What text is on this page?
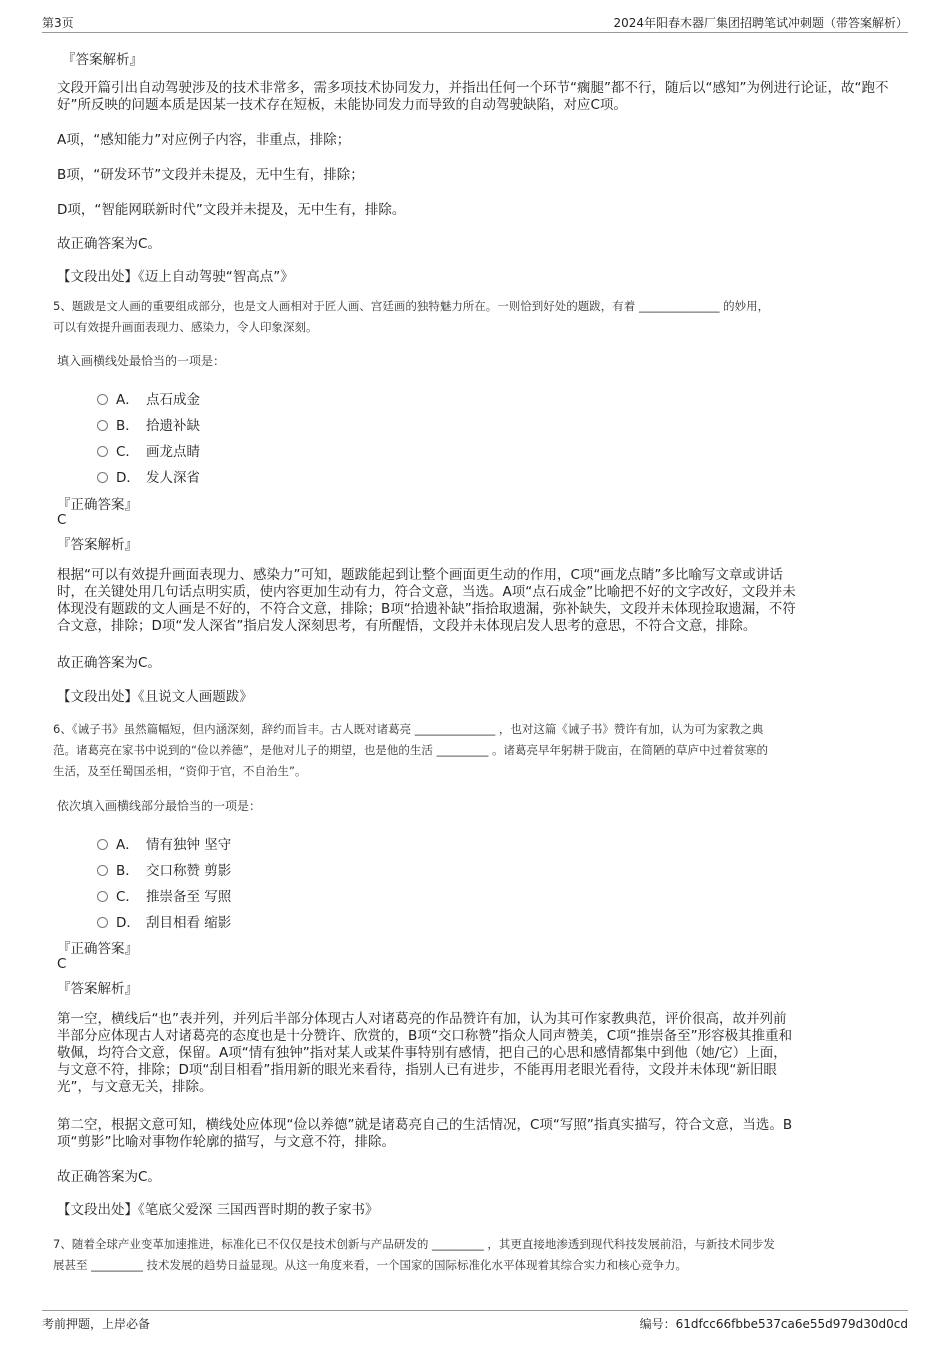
第3页	2024年阳春木器厂集团招聘笔试冲刺题（带答案解析）
『答案解析』
文段开篇引出自动驾驶涉及的技术非常多，需多项技术协同发力，并指出任何一个环节“瘸腿”都不行，随后以“感知”为例进行论证，故“跑不好”所反映的问题本质是因某一技术存在短板，未能协同发力而导致的自动驾驶缺陷，对应C项。
A项，“感知能力”对应例子内容，非重点，排除；
B项，“研发环节”文段并未提及，无中生有，排除；
D项，“智能网联新时代”文段并未提及，无中生有，排除。
故正确答案为C。
【文段出处】《迈上自动驾驶“智高点”》
5、题跋是文人画的重要组成部分，也是文人画相对于匠人画、宫廷画的独特魅力所在。一则恰到好处的题跋，有着 ______________ 的妙用，
可以有效提升画面表现力、感染力，令人印象深刻。
填入画横线处最恰当的一项是：
A． 点石成金
B． 拾遗补缺
C． 画龙点睛
D． 发人深省
『正确答案』
C
『答案解析』
根据“可以有效提升画面表现力、感染力”可知，题跋能起到让整个画面更生动的作用，C项“画龙点睛”多比喻写文章或讲话
时，在关键处用几句话点明实质，使内容更加生动有力，符合文意，当选。A项“点石成金”比喻把不好的文字改好，文段并未
体现没有题跋的文人画是不好的，不符合文意，排除；B项“拾遗补缺”指拾取遗漏，弥补缺失，文段并未体现捡取遗漏，不符
合文意，排除；D项“发人深省”指启发人深刻思考，有所醒悟，文段并未体现启发人思考的意思，不符合文意，排除。
故正确答案为C。
【文段出处】《且说文人画题跋》
6、《诫子书》虽然篇幅短，但内涵深刻，辞约而旨丰。古人既对诸葛亮 ______________ ，也对这篇《诫子书》赞许有加，认为可为家教之典
范。诸葛亮在家书中说到的“俭以养德”，是他对儿子的期望，也是他的生活 _________ 。诸葛亮早年躬耕于陇亩，在简陋的草庐中过着贫寒的
生活，及至任蜀国丞相，“资仰于官，不自治生”。
依次填入画横线部分最恰当的一项是：
A． 情有独钟 坚守
B． 交口称赞 剪影
C． 推崇备至 写照
D． 刮目相看 缩影
『正确答案』
C
『答案解析』
第一空，横线后“也”表并列，并列后半部分体现古人对诸葛亮的作品赞许有加，认为其可作家教典范，评价很高，故并列前
半部分应体现古人对诸葛亮的态度也是十分赞许、欣赏的，B项“交口称赞”指众人同声赞美，C项“推崇备至”形容极其推重和
敬佩，均符合文意，保留。A项“情有独钟”指对某人或某件事特别有感情，把自己的心思和感情都集中到他（她/它）上面，
与文意不符，排除；D项“刮目相看”指用新的眼光来看待，指别人已有进步，不能再用老眼光看待，文段并未体现“新旧眼
光”，与文意无关，排除。
第二空，根据文意可知，横线处应体现“俭以养德”就是诸葛亮自己的生活情况，C项“写照”指真实描写，符合文意，当选。B
项“剪影”比喻对事物作轮廓的描写，与文意不符，排除。
故正确答案为C。
【文段出处】《笔底父爱深 三国西晋时期的教子家书》
7、随着全球产业变革加速推进，标准化已不仅仅是技术创新与产品研发的 _________ ，其更直接地渗透到现代科技发展前沿，与新技术同步发
展甚至 _________ 技术发展的趋势日益显现。从这一角度来看，一个国家的国际标准化水平体现着其综合实力和核心竞争力。
考前押题，上岸必备	编号：61dfcc66fbbe537ca6e55d979d30d0cd
